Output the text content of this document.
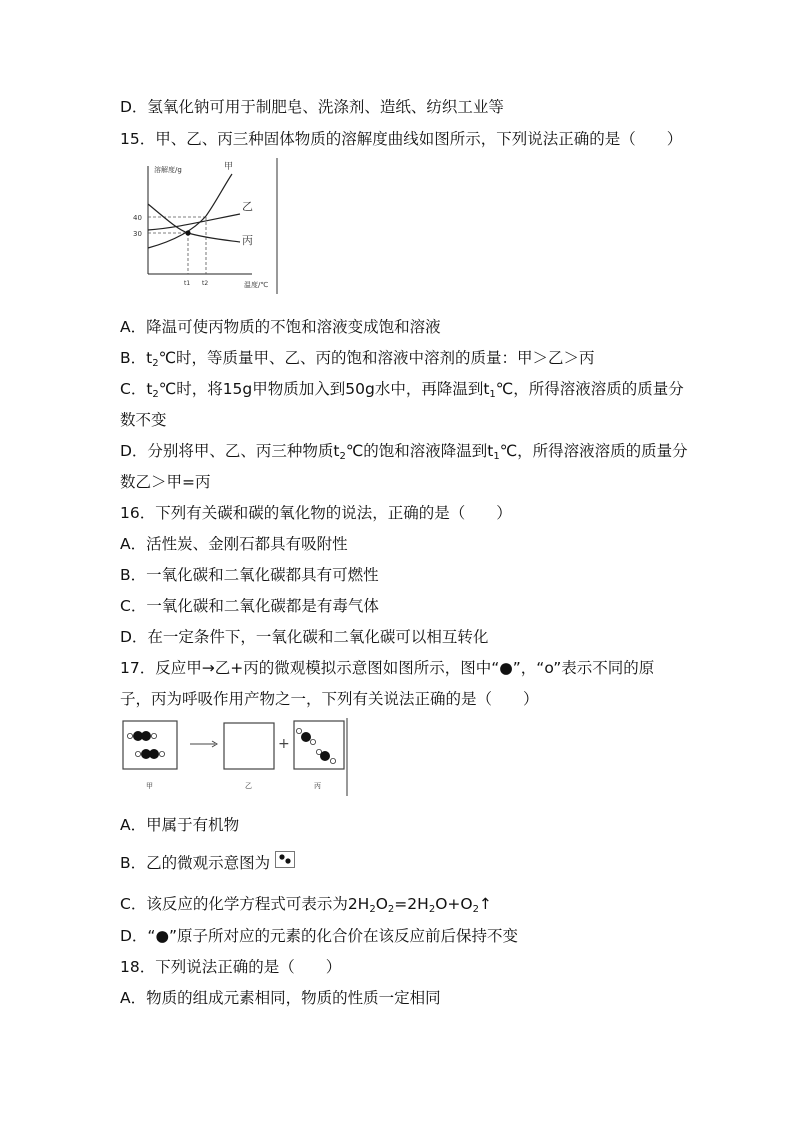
D．氢氧化钠可用于制肥皂、洗涤剂、造纸、纺织工业等
15．甲、乙、丙三种固体物质的溶解度曲线如图所示，下列说法正确的是（　　）
溶解度/g	甲
乙
丙
40
30
t1 t2	温度/℃
A．降温可使丙物质的不饱和溶液变成饱和溶液
B．$t_2℃$时，等质量甲、乙、丙的饱和溶液中溶剂的质量：甲＞乙＞丙
C．$t_2℃$时，将15g甲物质加入到50g水中，再降温到$t_1℃$，所得溶液溶质的质量分
数不变
D．分别将甲、乙、丙三种物质$t_2℃$的饱和溶液降温到$t_1℃$，所得溶液溶质的质量分
数乙＞甲=丙
16．下列有关碳和碳的氧化物的说法，正确的是（　　）
A．活性炭、金刚石都具有吸附性
B．一氧化碳和二氧化碳都具有可燃性
C．一氧化碳和二氧化碳都是有毒气体
D．在一定条件下，一氧化碳和二氧化碳可以相互转化
17．反应甲→乙+丙的微观模拟示意图如图所示，图中“●”，“o”表示不同的原
子，丙为呼吸作用产物之一，下列有关说法正确的是（　　）
+
甲	乙	丙
A．甲属于有机物
B．乙的微观示意图为
C．该反应的化学方程式可表示为$2H_2O_2=2H_2O+O_2↑$
D．“●”原子所对应的元素的化合价在该反应前后保持不变
18．下列说法正确的是（　　）
A．物质的组成元素相同，物质的性质一定相同
